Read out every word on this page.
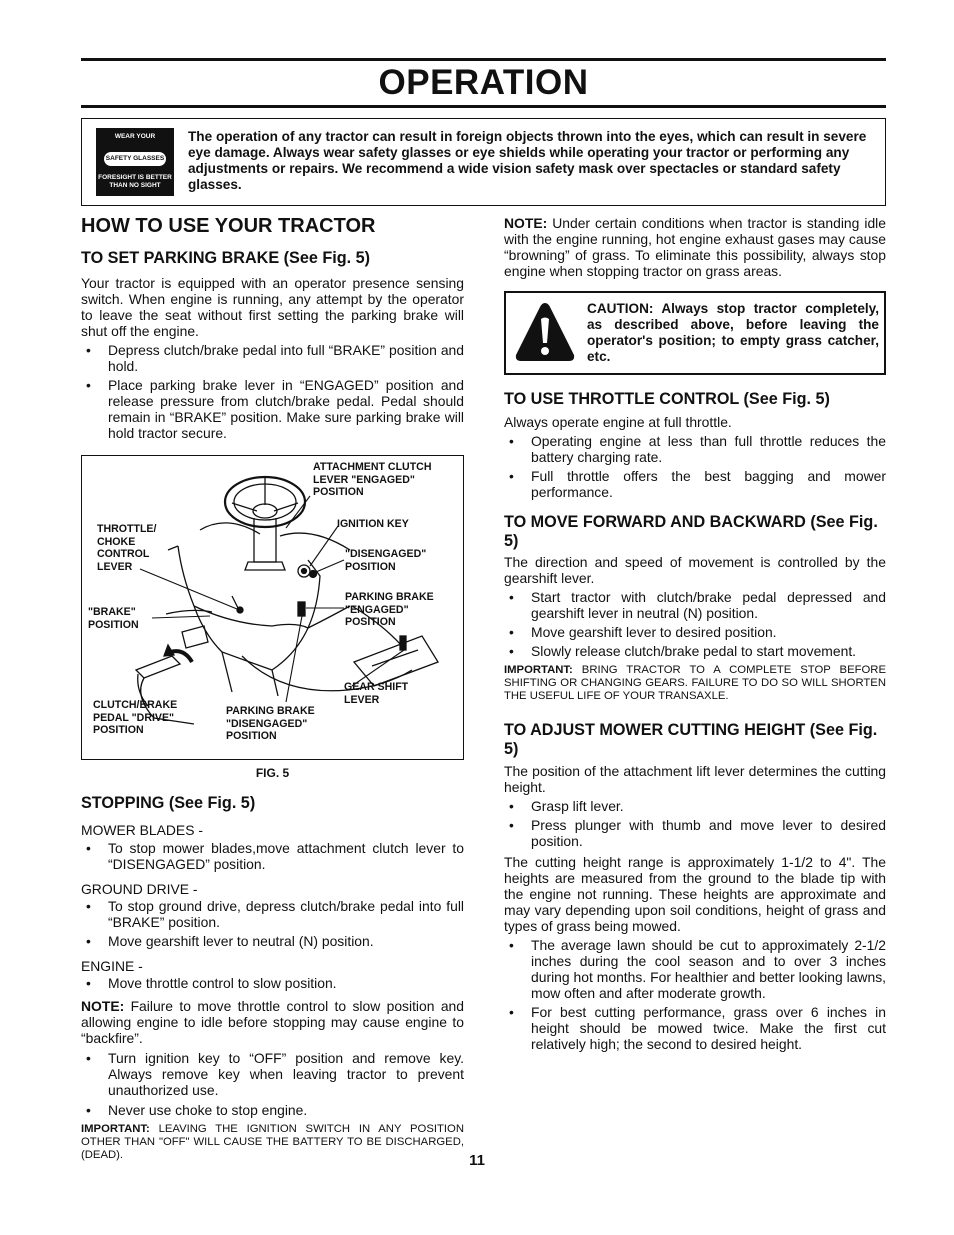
OPERATION
WEAR YOUR
SAFETY GLASSES
FORESIGHT IS BETTER THAN NO SIGHT
The operation of any tractor can result in foreign objects thrown into the eyes, which can result in severe eye damage. Always wear safety glasses or eye shields while operating your tractor or performing any adjustments or repairs. We recommend a wide vision safety mask over spectacles or standard safety glasses.
HOW TO USE YOUR TRACTOR
TO SET PARKING BRAKE (See Fig. 5)
Your tractor is equipped with an operator presence sensing switch. When engine is running, any attempt by the operator to leave the seat without first setting the parking brake will shut off the engine.
• Depress clutch/brake pedal into full “BRAKE” position and hold.
• Place parking brake lever in “ENGAGED” position and release pressure from clutch/brake pedal. Pedal should remain in “BRAKE” position. Make sure parking brake will hold tractor secure.
ATTACHMENT CLUTCH
LEVER "ENGAGED"
POSITION
IGNITION KEY
THROTTLE/
CHOKE
CONTROL
LEVER
"DISENGAGED"
POSITION
"BRAKE"
POSITION
PARKING BRAKE
"ENGAGED"
POSITION
GEAR SHIFT
LEVER
CLUTCH/BRAKE
PEDAL "DRIVE"
POSITION
PARKING BRAKE
"DISENGAGED"
POSITION
FIG. 5
STOPPING (See Fig. 5)
MOWER BLADES -
• To stop mower blades,move attachment clutch lever to “DISENGAGED” position.
GROUND DRIVE -
• To stop ground drive, depress clutch/brake pedal into full “BRAKE” position.
• Move gearshift lever to neutral (N) position.
ENGINE -
• Move throttle control to slow position.
NOTE: Failure to move throttle control to slow position and allowing engine to idle before stopping may cause engine to “backfire”.
• Turn ignition key to “OFF” position and remove key. Always remove key when leaving tractor to prevent unauthorized use.
• Never use choke to stop engine.
IMPORTANT: LEAVING THE IGNITION SWITCH IN ANY POSITION OTHER THAN "OFF" WILL CAUSE THE BATTERY TO BE DISCHARGED, (DEAD).
NOTE: Under certain conditions when tractor is standing idle with the engine running, hot engine exhaust gases may cause “browning” of grass. To eliminate this possibility, always stop engine when stopping tractor on grass areas.
CAUTION: Always stop tractor completely, as described above, before leaving the operator's position; to empty grass catcher, etc.
TO USE THROTTLE CONTROL (See Fig. 5)
Always operate engine at full throttle.
• Operating engine at less than full throttle reduces the battery charging rate.
• Full throttle offers the best bagging and mower performance.
TO MOVE FORWARD AND BACKWARD (See Fig. 5)
The direction and speed of movement is controlled by the gearshift lever.
• Start tractor with clutch/brake pedal depressed and gearshift lever in neutral (N) position.
• Move gearshift lever to desired position.
• Slowly release clutch/brake pedal to start movement.
IMPORTANT: BRING TRACTOR TO A COMPLETE STOP BEFORE SHIFTING OR CHANGING GEARS. FAILURE TO DO SO WILL SHORTEN THE USEFUL LIFE OF YOUR TRANSAXLE.
TO ADJUST MOWER CUTTING HEIGHT (See Fig. 5)
The position of the attachment lift lever determines the cutting height.
• Grasp lift lever.
• Press plunger with thumb and move lever to desired position.
The cutting height range is approximately 1-1/2 to 4". The heights are measured from the ground to the blade tip with the engine not running. These heights are approximate and may vary depending upon soil conditions, height of grass and types of grass being mowed.
• The average lawn should be cut to approximately 2-1/2 inches during the cool season and to over 3 inches during hot months. For healthier and better looking lawns, mow often and after moderate growth.
• For best cutting performance, grass over 6 inches in height should be mowed twice. Make the first cut relatively high; the second to desired height.
11
